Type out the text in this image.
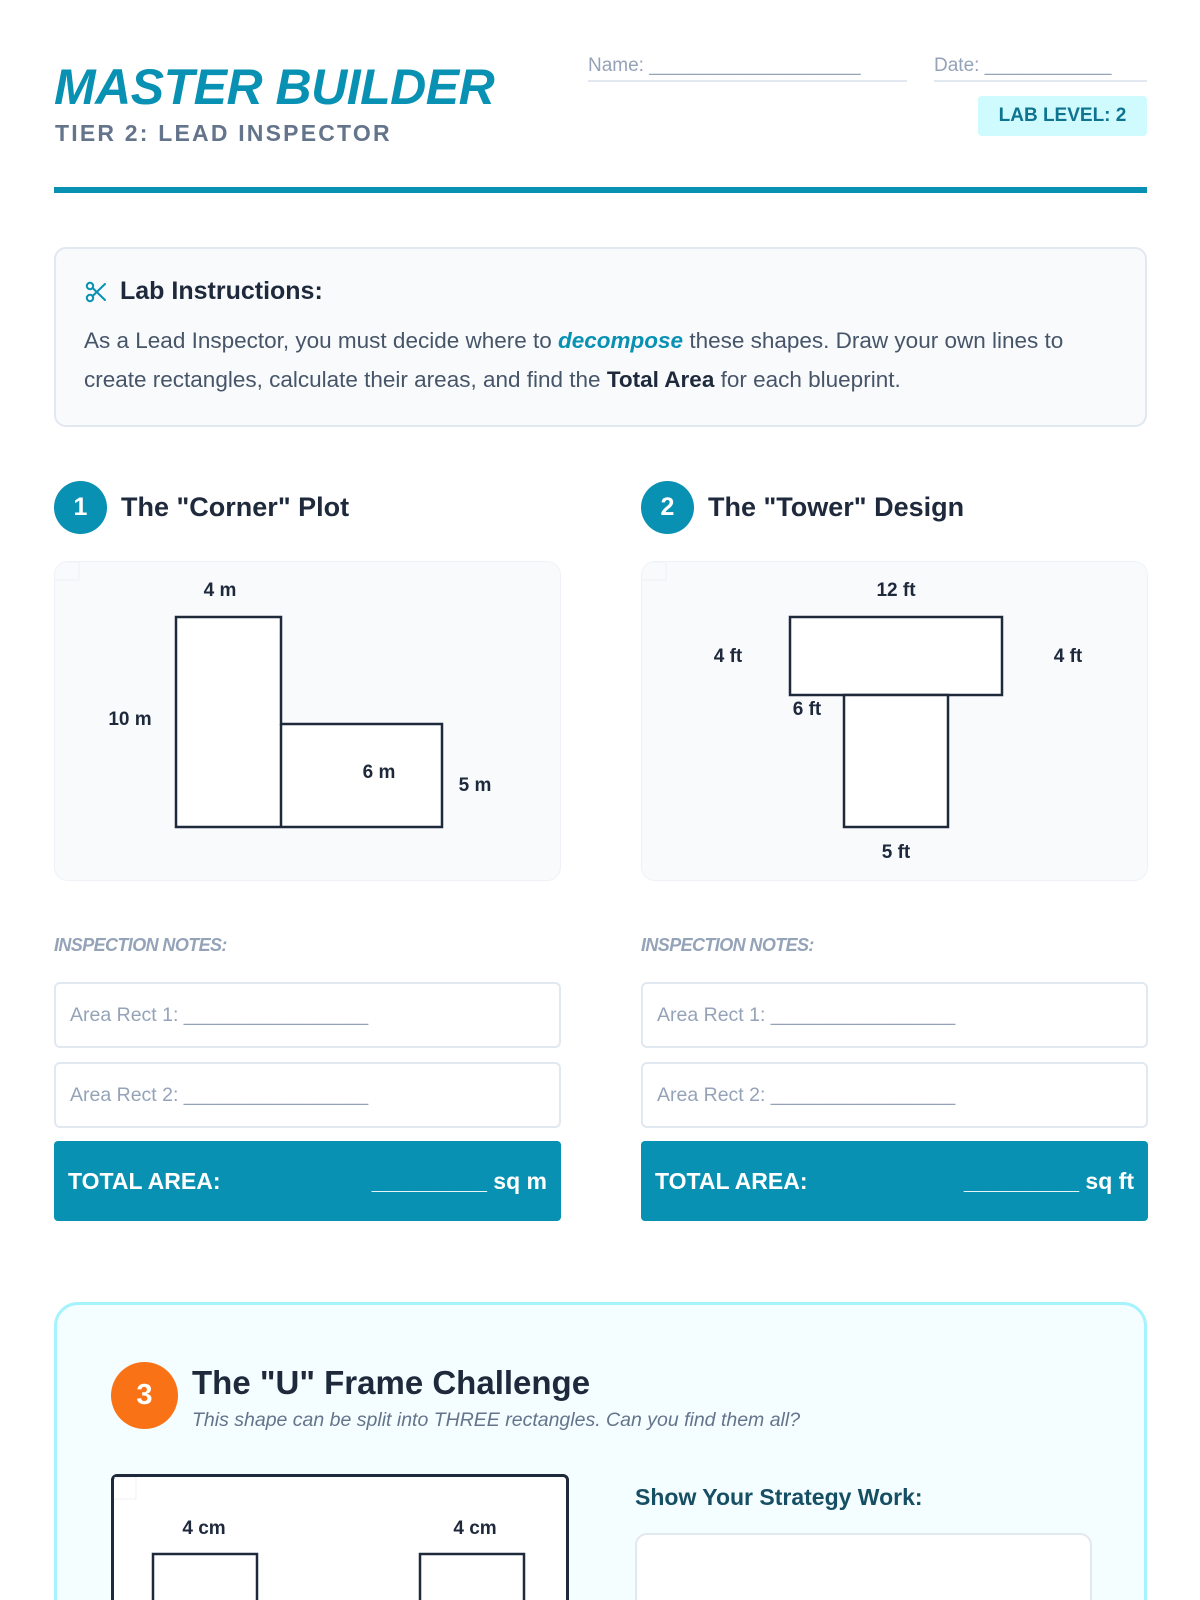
MASTER BUILDER
TIER 2: LEAD INSPECTOR
Name: ____________________	Date: ____________
LAB LEVEL: 2
Lab Instructions:
As a Lead Inspector, you must decide where to decompose these shapes. Draw your own lines to create rectangles, calculate their areas, and find the Total Area for each blueprint.
1	The "Corner" Plot
4 m
10 m
6 m
5 m
INSPECTION NOTES:
Area Rect 1: _________________
Area Rect 2: _________________
TOTAL AREA:	_________ sq m
2	The "Tower" Design
12 ft
4 ft	4 ft
6 ft
5 ft
INSPECTION NOTES:
Area Rect 1: _________________
Area Rect 2: _________________
TOTAL AREA:	_________ sq ft
3	The "U" Frame Challenge
This shape can be split into THREE rectangles. Can you find them all?
4 cm	4 cm
Show Your Strategy Work:
